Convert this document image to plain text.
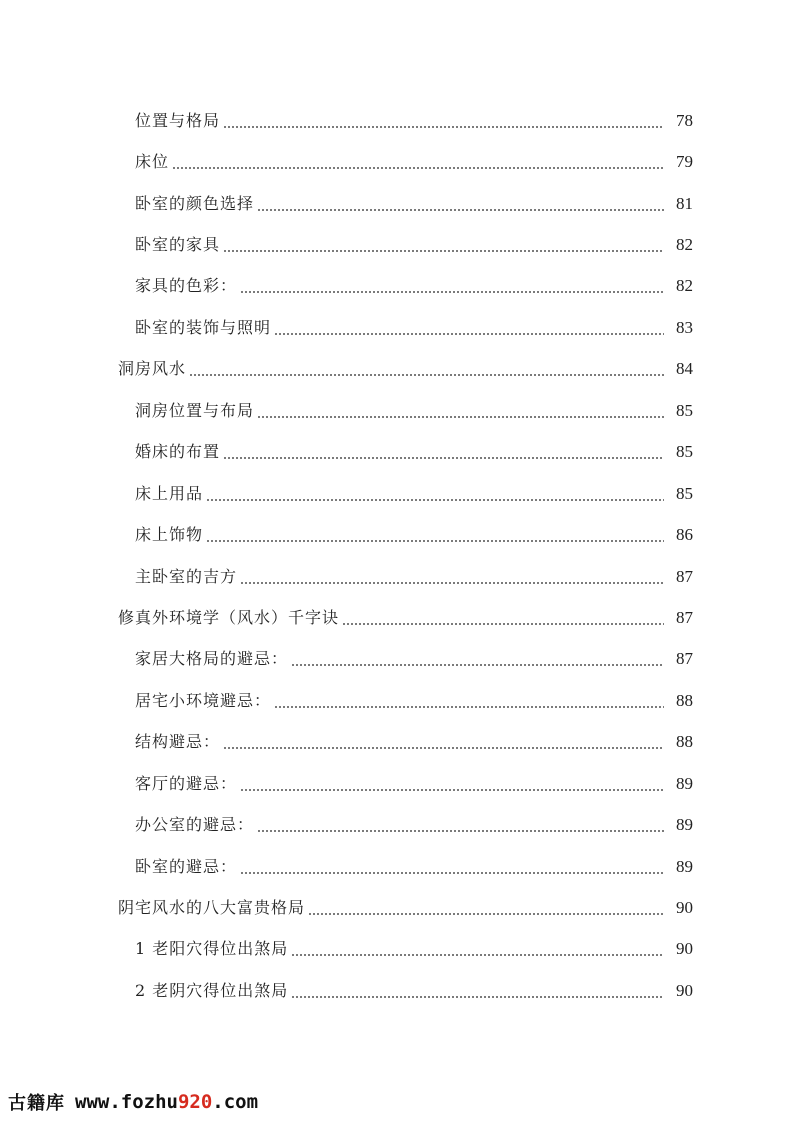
位置与格局	78
床位	79
卧室的颜色选择	81
卧室的家具	82
家具的色彩：	82
卧室的装饰与照明	83
洞房风水	84
洞房位置与布局	85
婚床的布置	85
床上用品	85
床上饰物	86
主卧室的吉方	87
修真外环境学（风水）千字诀	87
家居大格局的避忌：	87
居宅小环境避忌：	88
结构避忌：	88
客厅的避忌：	89
办公室的避忌：	89
卧室的避忌：	89
阴宅风水的八大富贵格局	90
1 老阳穴得位出煞局	90
2 老阴穴得位出煞局	90
古籍库 www.fozhu920.com
